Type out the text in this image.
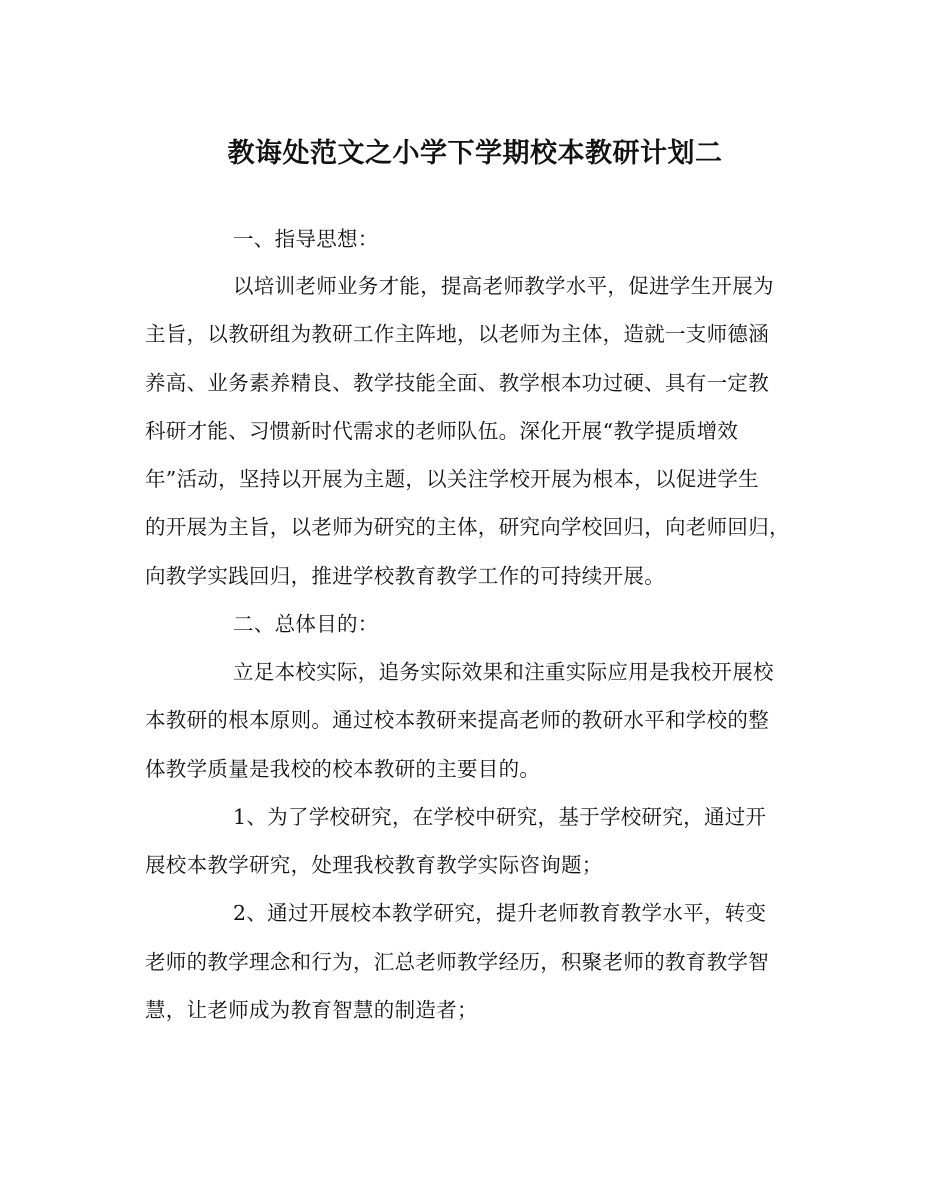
教诲处范文之小学下学期校本教研计划二
一、指导思想：
以培训老师业务才能，提高老师教学水平，促进学生开展为
主旨，以教研组为教研工作主阵地，以老师为主体，造就一支师德涵
养高、业务素养精良、教学技能全面、教学根本功过硬、具有一定教
科研才能、习惯新时代需求的老师队伍。深化开展“教学提质增效
年”活动，坚持以开展为主题，以关注学校开展为根本，以促进学生
的开展为主旨，以老师为研究的主体，研究向学校回归，向老师回归，
向教学实践回归，推进学校教育教学工作的可持续开展。
二、总体目的：
立足本校实际，追务实际效果和注重实际应用是我校开展校
本教研的根本原则。通过校本教研来提高老师的教研水平和学校的整
体教学质量是我校的校本教研的主要目的。
1、为了学校研究，在学校中研究，基于学校研究，通过开
展校本教学研究，处理我校教育教学实际咨询题；
2、通过开展校本教学研究，提升老师教育教学水平，转变
老师的教学理念和行为，汇总老师教学经历，积聚老师的教育教学智
慧，让老师成为教育智慧的制造者；
